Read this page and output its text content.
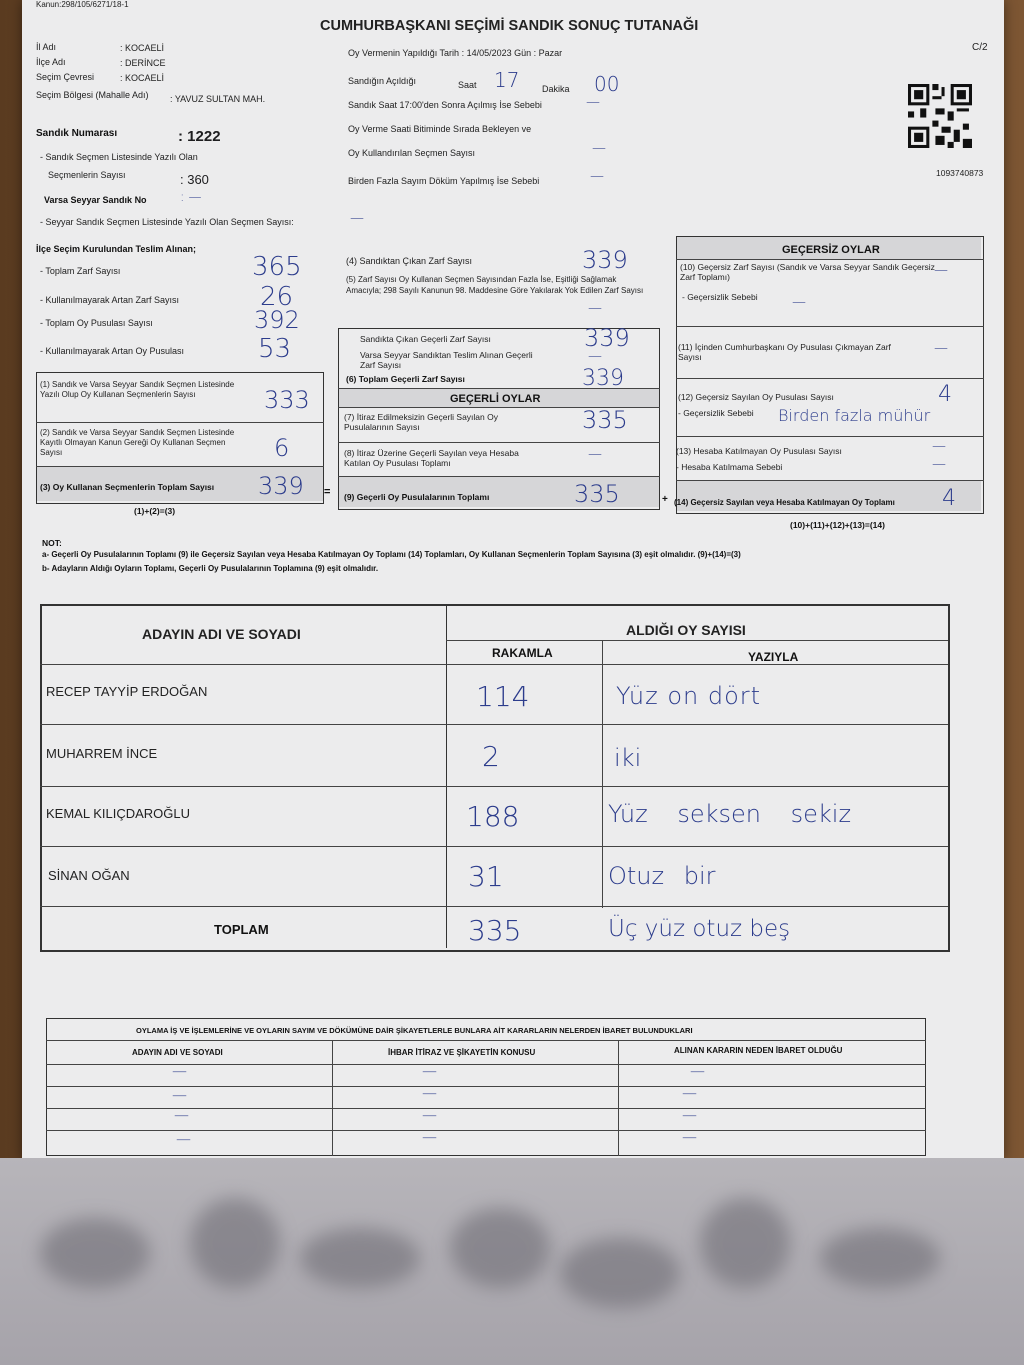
Kanun:298/105/6271/18-1
CUMHURBAŞKANI SEÇİMİ SANDIK SONUÇ TUTANAĞI
C/2
1093740873
İl Adı	: KOCAELİ
İlçe Adı	: DERİNCE
Seçim Çevresi	: KOCAELİ
Seçim Bölgesi (Mahalle Adı) : YAVUZ SULTAN MAH.
Sandık Numarası	: 1222
- Sandık Seçmen Listesinde Yazılı Olan
Seçmenlerin Sayısı	: 360
Varsa Seyyar Sandık No	: —
- Seyyar Sandık Seçmen Listesinde Yazılı Olan Seçmen Sayısı:	—
Oy Vermenin Yapıldığı Tarih : 14/05/2023 Gün : Pazar
Sandığın Açıldığı	Saat 17	Dakika 00
Sandık Saat 17:00'den Sonra Açılmış İse Sebebi	—
Oy Verme Saati Bitiminde Sırada Bekleyen ve
Oy Kullandırılan Seçmen Sayısı	—
Birden Fazla Sayım Döküm Yapılmış İse Sebebi	—
İlçe Seçim Kurulundan Teslim Alınan;
- Toplam Zarf Sayısı	365
- Kullanılmayarak Artan Zarf Sayısı	26
- Toplam Oy Pusulası Sayısı	392
- Kullanılmayarak Artan Oy Pusulası	53
(1) Sandık ve Varsa Seyyar Sandık Seçmen Listesinde Yazılı Olup Oy Kullanan Seçmenlerin Sayısı	333
(2) Sandık ve Varsa Seyyar Sandık Seçmen Listesinde Kayıtlı Olmayan Kanun Gereği Oy Kullanan Seçmen Sayısı	6
(3) Oy Kullanan Seçmenlerin Toplam Sayısı 339 =
(1)+(2)=(3)
(4) Sandıktan Çıkan Zarf Sayısı	339
(5) Zarf Sayısı Oy Kullanan Seçmen Sayısından Fazla İse, Eşitliği Sağlamak Amacıyla; 298 Sayılı Kanunun 98. Maddesine Göre Yakılarak Yok Edilen Zarf Sayısı
—
Sandıkta Çıkan Geçerli Zarf Sayısı	339
Varsa Seyyar Sandıktan Teslim Alınan Geçerli Zarf Sayısı
—
(6) Toplam Geçerli Zarf Sayısı	339
GEÇERLİ OYLAR
(7) İtiraz Edilmeksizin Geçerli Sayılan Oy Pusulalarının Sayısı	335
(8) İtiraz Üzerine Geçerli Sayılan veya Hesaba Katılan Oy Pusulası Toplamı
—
(9) Geçerli Oy Pusulalarının Toplamı	335	+
GEÇERSİZ OYLAR
(10) Geçersiz Zarf Sayısı (Sandık ve Varsa Seyyar Sandık Geçersiz Zarf Toplamı)	—
- Geçersizlik Sebebi —
(11) İçinden Cumhurbaşkanı Oy Pusulası Çıkmayan Zarf Sayısı
—
(12) Geçersiz Sayılan Oy Pusulası Sayısı	4
- Geçersizlik Sebebi Birden fazla mühür
(13) Hesaba Katılmayan Oy Pusulası Sayısı	—
- Hesaba Katılmama Sebebi	—
(14) Geçersiz Sayılan veya Hesaba Katılmayan Oy Toplamı 4
(10)+(11)+(12)+(13)=(14)
NOT:
a- Geçerli Oy Pusulalarının Toplamı (9) ile Geçersiz Sayılan veya Hesaba Katılmayan Oy Toplamı (14) Toplamları, Oy Kullanan Seçmenlerin Toplam Sayısına (3) eşit olmalıdır. (9)+(14)=(3)
b- Adayların Aldığı Oyların Toplamı, Geçerli Oy Pusulalarının Toplamına (9) eşit olmalıdır.
ADAYIN ADI VE SOYADI	ALDIĞI OY SAYISI
RAKAMLA	YAZIYLA
RECEP TAYYİP ERDOĞAN	114	Yüz on dört
MUHARREM İNCE	2	iki
KEMAL KILIÇDAROĞLU	188	Yüz seksen sekiz
SİNAN OĞAN	31	Otuz bir
TOPLAM	335	Üç yüz otuz beş
OYLAMA İŞ VE İŞLEMLERİNE VE OYLARIN SAYIM VE DÖKÜMÜNE DAİR ŞİKAYETLERLE BUNLARA AİT KARARLARIN NELERDEN İBARET BULUNDUKLARI
ADAYIN ADI VE SOYADI	İHBAR İTİRAZ VE ŞİKAYETİN KONUSU	ALINAN KARARIN NEDEN İBARET OLDUĞU
—	—	—
—	—	—
—	—	—
—	—	—
